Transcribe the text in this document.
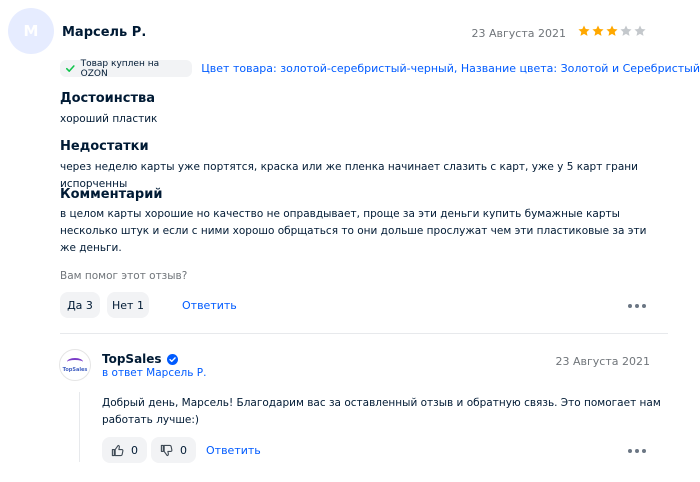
М Марсель Р.	23 Августа 2021
Товар куплен на OZON	Цвет товара: золотой-серебристый-черный, Название цвета: Золотой и Серебристый
Достоинства
хороший пластик
Недостатки
через неделю карты уже портятся, краска или же пленка начинает слазить с карт, уже у 5 карт грани испорченны
Комментарий
в целом карты хорошие но качество не оправдывает, проще за эти деньги купить бумажные карты несколько штук и если с ними хорошо обрщаться то они дольше прослужат чем эти пластиковые за эти же деньги.
Вам помог этот отзыв?
Да 3 Нет 1	Ответить
TopSales
TopSales
в ответ Марсель Р.
23 Августа 2021
Добрый день, Марсель! Благодарим вас за оставленный отзыв и обратную связь. Это помогает нам работать лучше:)
0	0 Ответить
